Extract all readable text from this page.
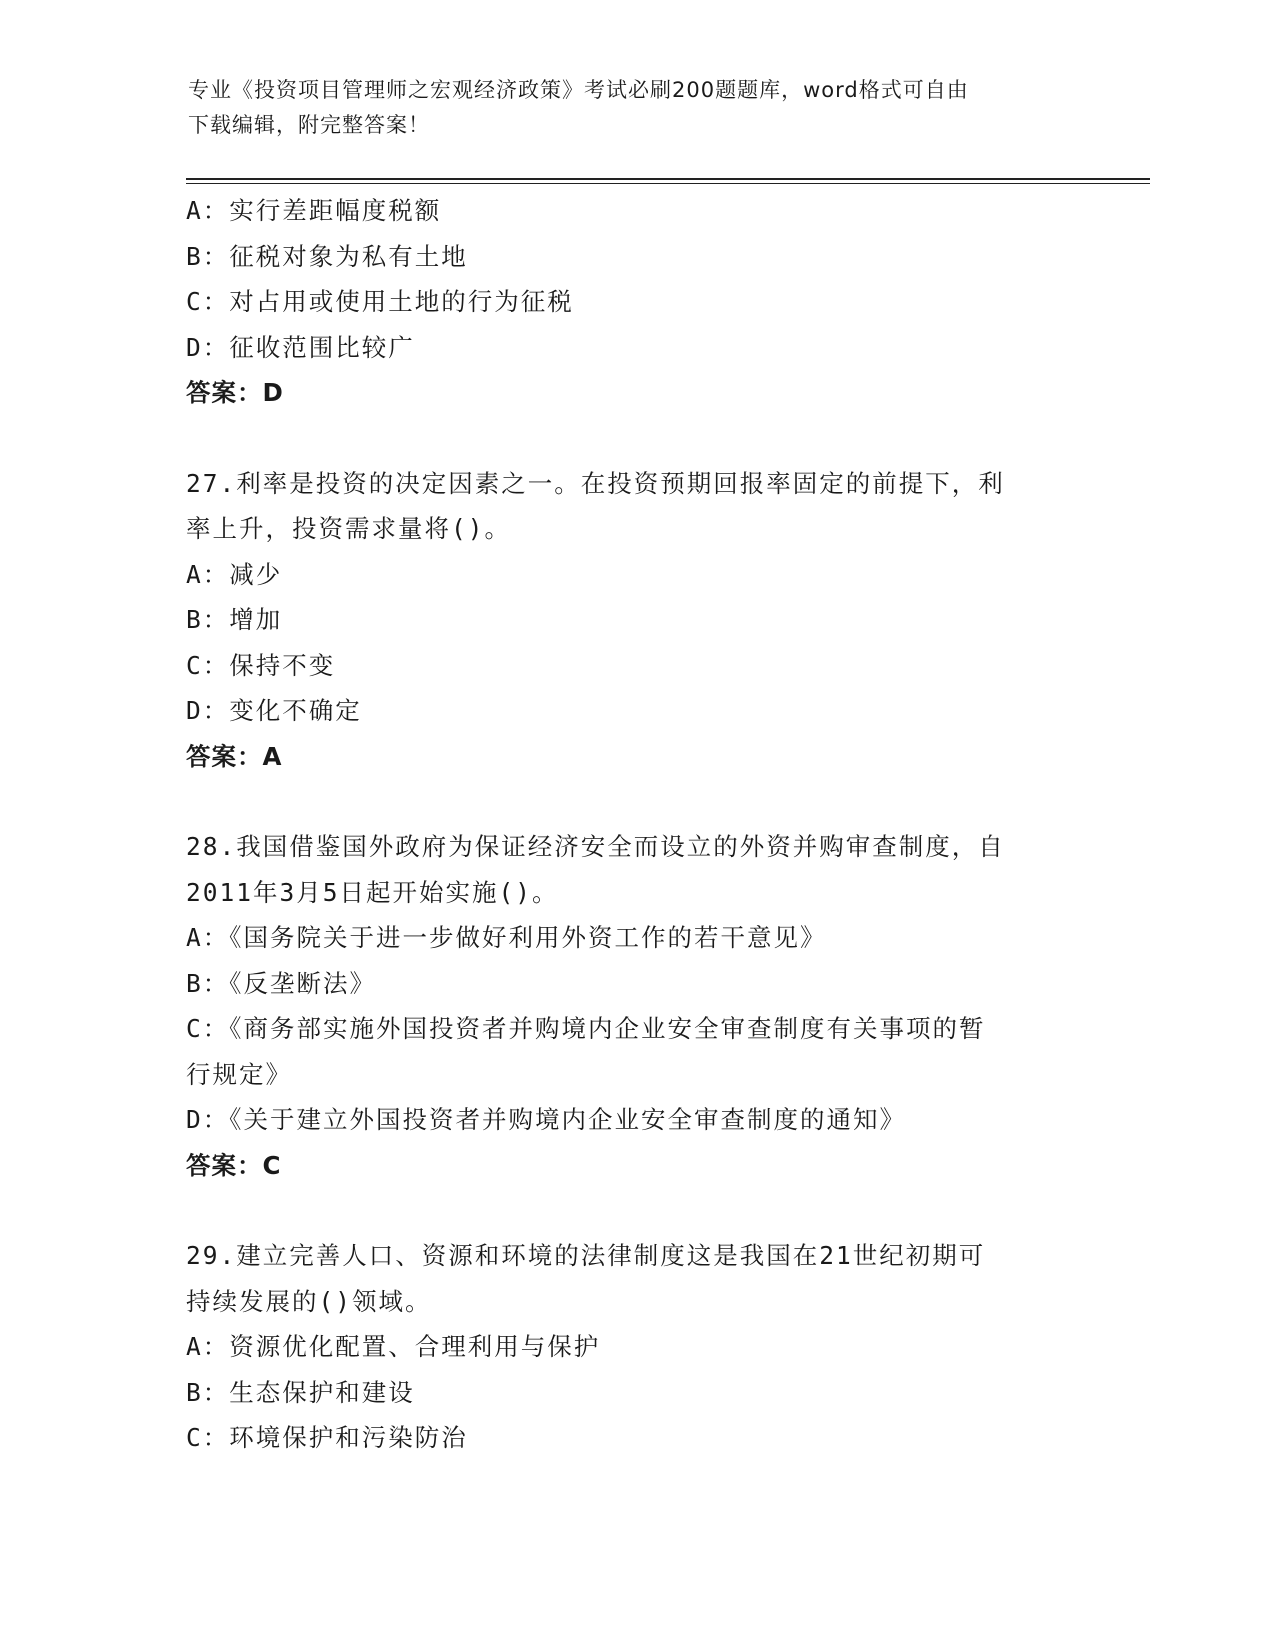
专业《投资项目管理师之宏观经济政策》考试必刷200题题库，word格式可自由
下载编辑，附完整答案！
A：实行差距幅度税额
B：征税对象为私有土地
C：对占用或使用土地的行为征税
D：征收范围比较广
答案：D
27.利率是投资的决定因素之一。在投资预期回报率固定的前提下，利
率上升，投资需求量将()。
A：减少
B：增加
C：保持不变
D：变化不确定
答案：A
28.我国借鉴国外政府为保证经济安全而设立的外资并购审查制度，自
2011年3月5日起开始实施()。
A：《国务院关于进一步做好利用外资工作的若干意见》
B：《反垄断法》
C：《商务部实施外国投资者并购境内企业安全审查制度有关事项的暂
行规定》
D：《关于建立外国投资者并购境内企业安全审查制度的通知》
答案：C
29.建立完善人口、资源和环境的法律制度这是我国在21世纪初期可
持续发展的()领域。
A：资源优化配置、合理利用与保护
B：生态保护和建设
C：环境保护和污染防治
